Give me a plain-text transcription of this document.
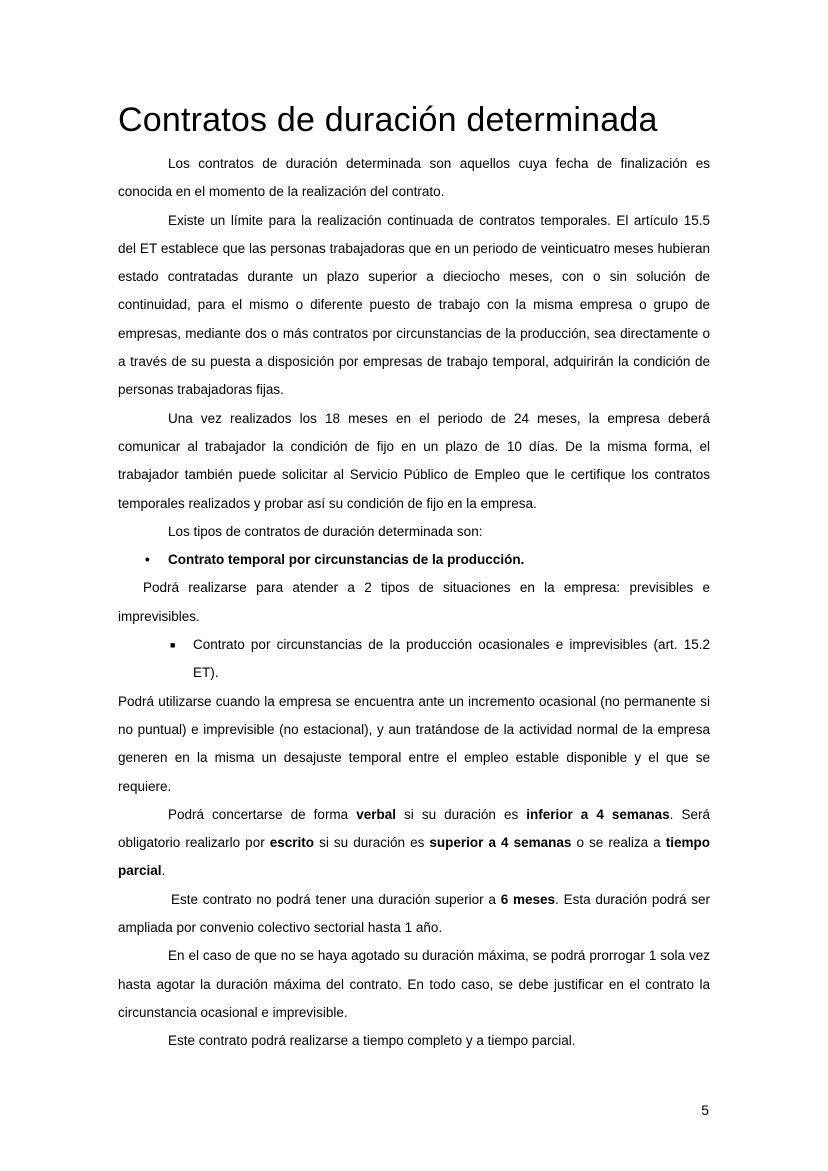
Contratos de duración determinada

Los contratos de duración determinada son aquellos cuya fecha de finalización es conocida en el momento de la realización del contrato.

Existe un límite para la realización continuada de contratos temporales. El artículo 15.5 del ET establece que las personas trabajadoras que en un periodo de veinticuatro meses hubieran estado contratadas durante un plazo superior a dieciocho meses, con o sin solución de continuidad, para el mismo o diferente puesto de trabajo con la misma empresa o grupo de empresas, mediante dos o más contratos por circunstancias de la producción, sea directamente o a través de su puesta a disposición por empresas de trabajo temporal, adquirirán la condición de personas trabajadoras fijas.

Una vez realizados los 18 meses en el periodo de 24 meses, la empresa deberá comunicar al trabajador la condición de fijo en un plazo de 10 días. De la misma forma, el trabajador también puede solicitar al Servicio Público de Empleo que le certifique los contratos temporales realizados y probar así su condición de fijo en la empresa.

Los tipos de contratos de duración determinada son:

• Contrato temporal por circunstancias de la producción.

Podrá realizarse para atender a 2 tipos de situaciones en la empresa: previsibles e imprevisibles.

■ Contrato por circunstancias de la producción ocasionales e imprevisibles (art. 15.2 ET).

Podrá utilizarse cuando la empresa se encuentra ante un incremento ocasional (no permanente si no puntual) e imprevisible (no estacional), y aun tratándose de la actividad normal de la empresa generen en la misma un desajuste temporal entre el empleo estable disponible y el que se requiere.

Podrá concertarse de forma verbal si su duración es inferior a 4 semanas. Será obligatorio realizarlo por escrito si su duración es superior a 4 semanas o se realiza a tiempo parcial.

Este contrato no podrá tener una duración superior a 6 meses. Esta duración podrá ser ampliada por convenio colectivo sectorial hasta 1 año.

En el caso de que no se haya agotado su duración máxima, se podrá prorrogar 1 sola vez hasta agotar la duración máxima del contrato. En todo caso, se debe justificar en el contrato la circunstancia ocasional e imprevisible.

Este contrato podrá realizarse a tiempo completo y a tiempo parcial.

5
